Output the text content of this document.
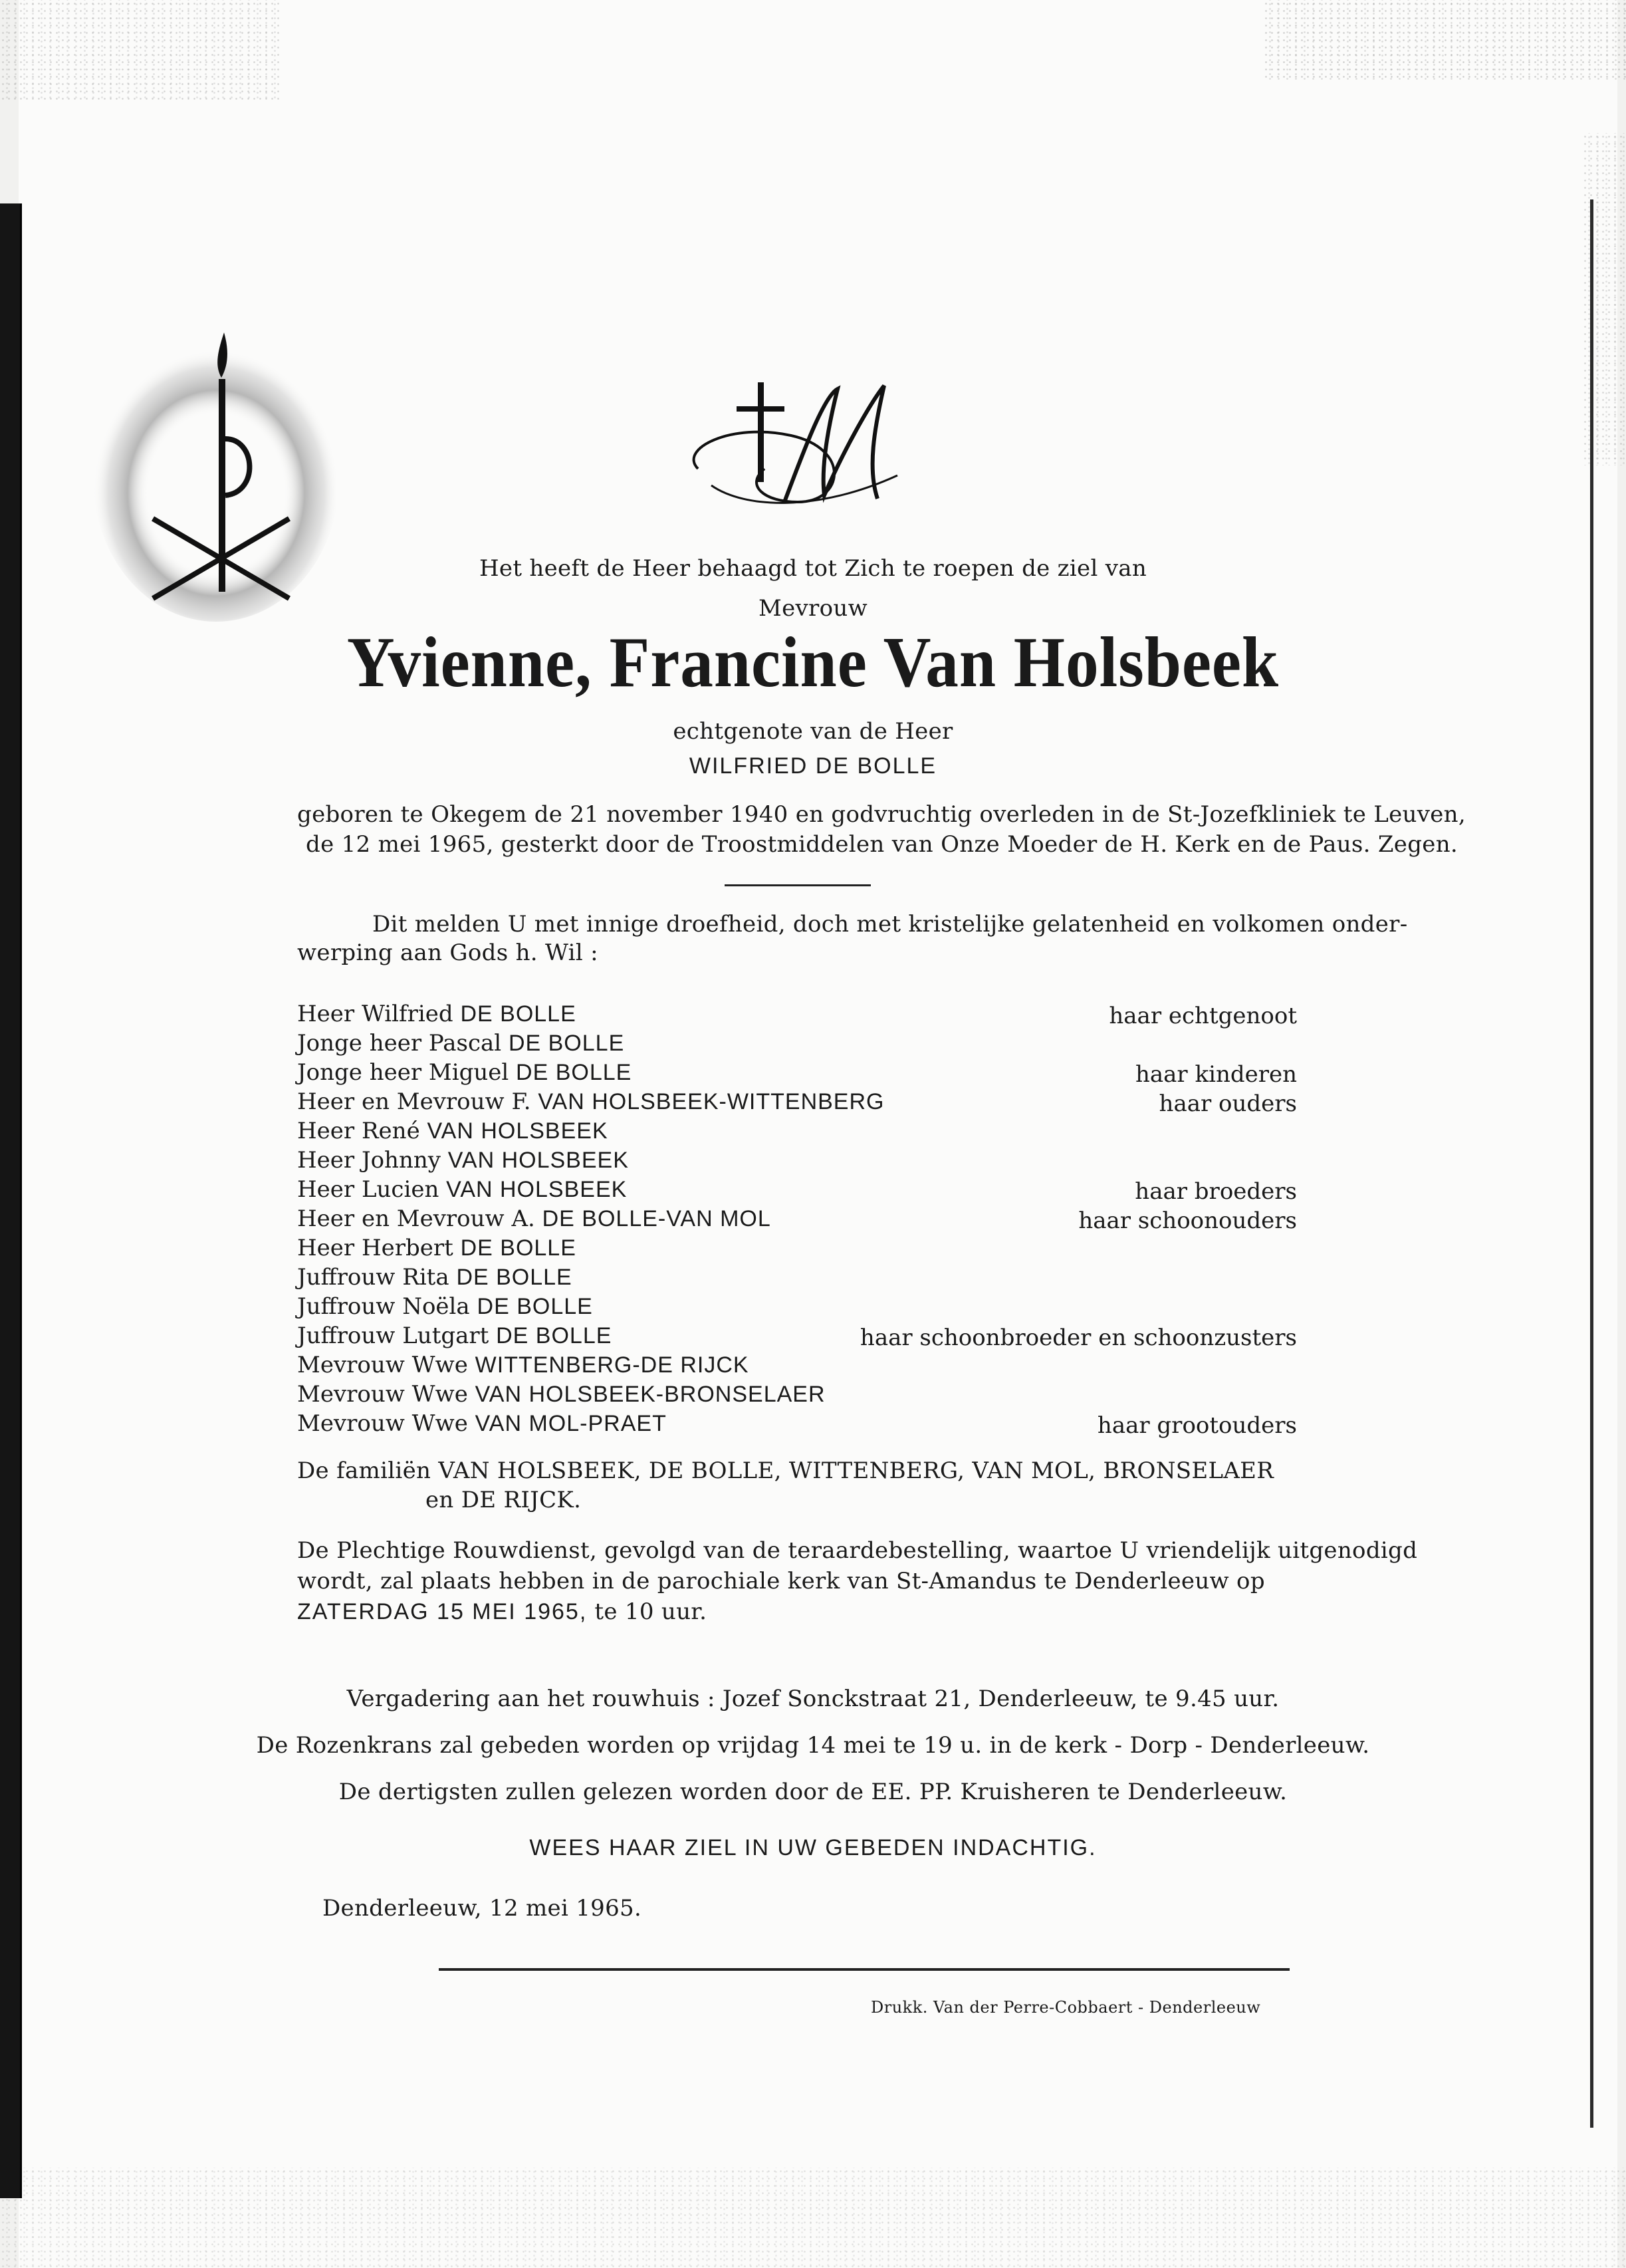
Het heeft de Heer behaagd tot Zich te roepen de ziel van
Mevrouw
Yvienne, Francine Van Holsbeek
echtgenote van de Heer
WILFRIED DE BOLLE
geboren te Okegem de 21 november 1940 en godvruchtig overleden in de St-Jozefkliniek te Leuven,
de 12 mei 1965, gesterkt door de Troostmiddelen van Onze Moeder de H. Kerk en de Paus. Zegen.
Dit melden U met innige droefheid, doch met kristelijke gelatenheid en volkomen onder-
werping aan Gods h. Wil :
Heer Wilfried DE BOLLE
Jonge heer Pascal DE BOLLE
Jonge heer Miguel DE BOLLE
Heer en Mevrouw F. VAN HOLSBEEK-WITTENBERG
Heer René VAN HOLSBEEK
Heer Johnny VAN HOLSBEEK
Heer Lucien VAN HOLSBEEK
Heer en Mevrouw A. DE BOLLE-VAN MOL
Heer Herbert DE BOLLE
Juffrouw Rita DE BOLLE
Juffrouw Noëla DE BOLLE
Juffrouw Lutgart DE BOLLE
Mevrouw Wwe WITTENBERG-DE RIJCK
Mevrouw Wwe VAN HOLSBEEK-BRONSELAER
Mevrouw Wwe VAN MOL-PRAET
haar echtgenoot
haar kinderen
haar ouders
haar broeders
haar schoonouders
haar schoonbroeder en schoonzusters
haar grootouders
De familiën VAN HOLSBEEK, DE BOLLE, WITTENBERG, VAN MOL, BRONSELAER
en DE RIJCK.
De Plechtige Rouwdienst, gevolgd van de teraardebestelling, waartoe U vriendelijk uitgenodigd
wordt, zal plaats hebben in de parochiale kerk van St-Amandus te Denderleeuw op
ZATERDAG 15 MEI 1965, te 10 uur.
Vergadering aan het rouwhuis : Jozef Sonckstraat 21, Denderleeuw, te 9.45 uur.
De Rozenkrans zal gebeden worden op vrijdag 14 mei te 19 u. in de kerk - Dorp - Denderleeuw.
De dertigsten zullen gelezen worden door de EE. PP. Kruisheren te Denderleeuw.
WEES HAAR ZIEL IN UW GEBEDEN INDACHTIG.
Denderleeuw, 12 mei 1965.
Drukk. Van der Perre-Cobbaert - Denderleeuw
